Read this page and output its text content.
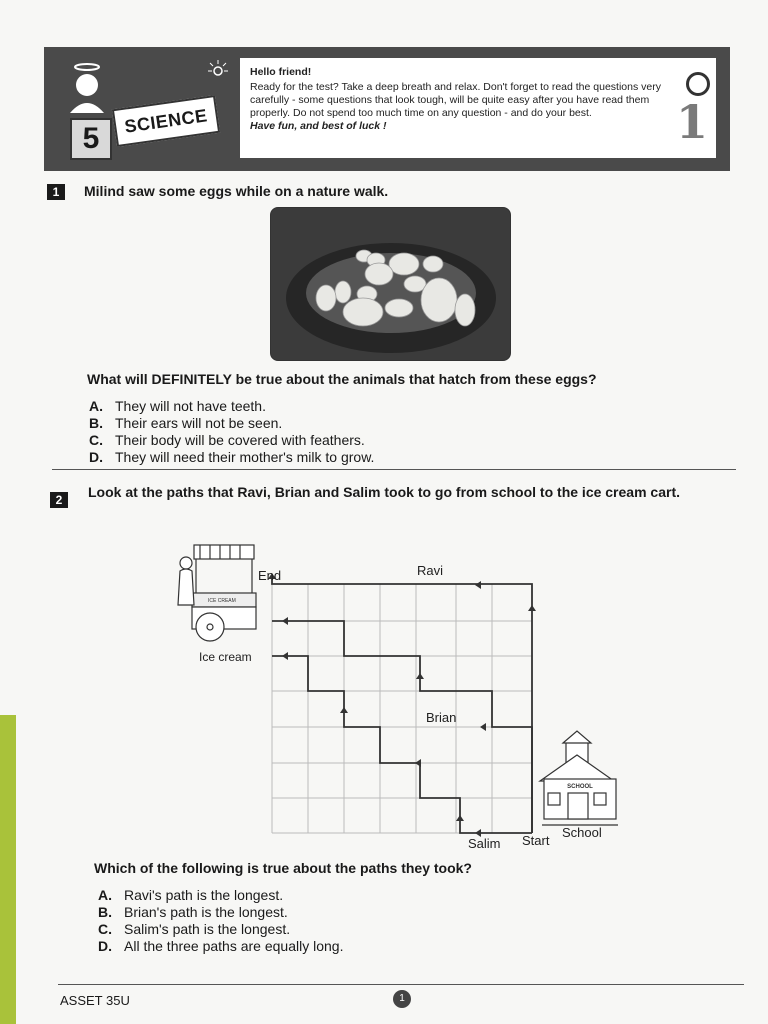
5
SCIENCE
Hello friend!
Ready for the test? Take a deep breath and relax. Don't forget to read the questions very carefully - some questions that look tough, will be quite easy after you have read them properly. Do not spend too much time on any question - and do your best.
Have fun, and best of luck !	1
1	Milind saw some eggs while on a nature walk.
What will DEFINITELY be true about the animals that hatch from these eggs?
A. They will not have teeth.
B. Their ears will not be seen.
C. Their body will be covered with feathers.
D. They will need their mother's milk to grow.
2	Look at the paths that Ravi, Brian and Salim took to go from school to the ice cream cart.
ICE CREAM
SCHOOL
End
Ice cream
Ravi
Brian
Salim Start
School
Which of the following is true about the paths they took?
A. Ravi's path is the longest.
B. Brian's path is the longest.
C. Salim's path is the longest.
D. All the three paths are equally long.
ASSET 35U	1
